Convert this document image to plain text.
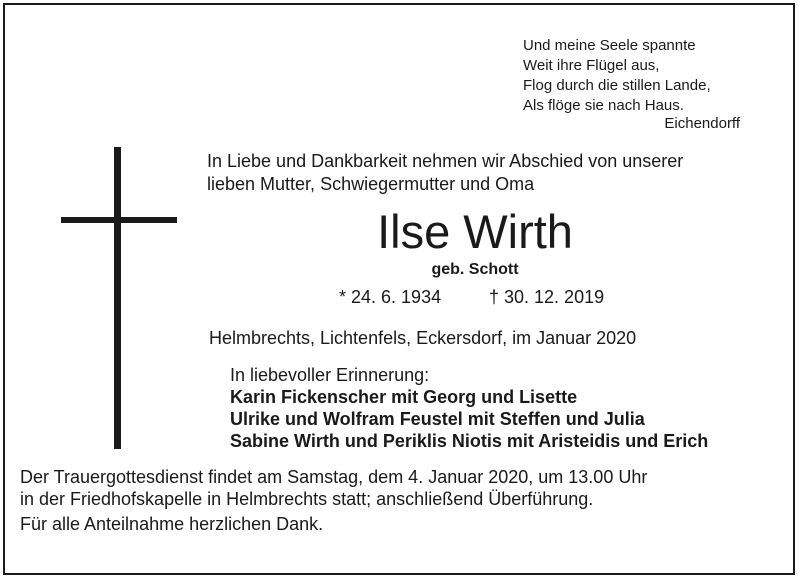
Und meine Seele spannte
Weit ihre Flügel aus,
Flog durch die stillen Lande,
Als flöge sie nach Haus.
Eichendorff
In Liebe und Dankbarkeit nehmen wir Abschied von unserer
lieben Mutter, Schwiegermutter und Oma
Ilse Wirth
geb. Schott
* 24. 6. 1934	† 30. 12. 2019
Helmbrechts, Lichtenfels, Eckersdorf, im Januar 2020
In liebevoller Erinnerung:
Karin Fickenscher mit Georg und Lisette
Ulrike und Wolfram Feustel mit Steffen und Julia
Sabine Wirth und Periklis Niotis mit Aristeidis und Erich
Der Trauergottesdienst findet am Samstag, dem 4. Januar 2020, um 13.00 Uhr
in der Friedhofskapelle in Helmbrechts statt; anschließend Überführung.
Für alle Anteilnahme herzlichen Dank.
